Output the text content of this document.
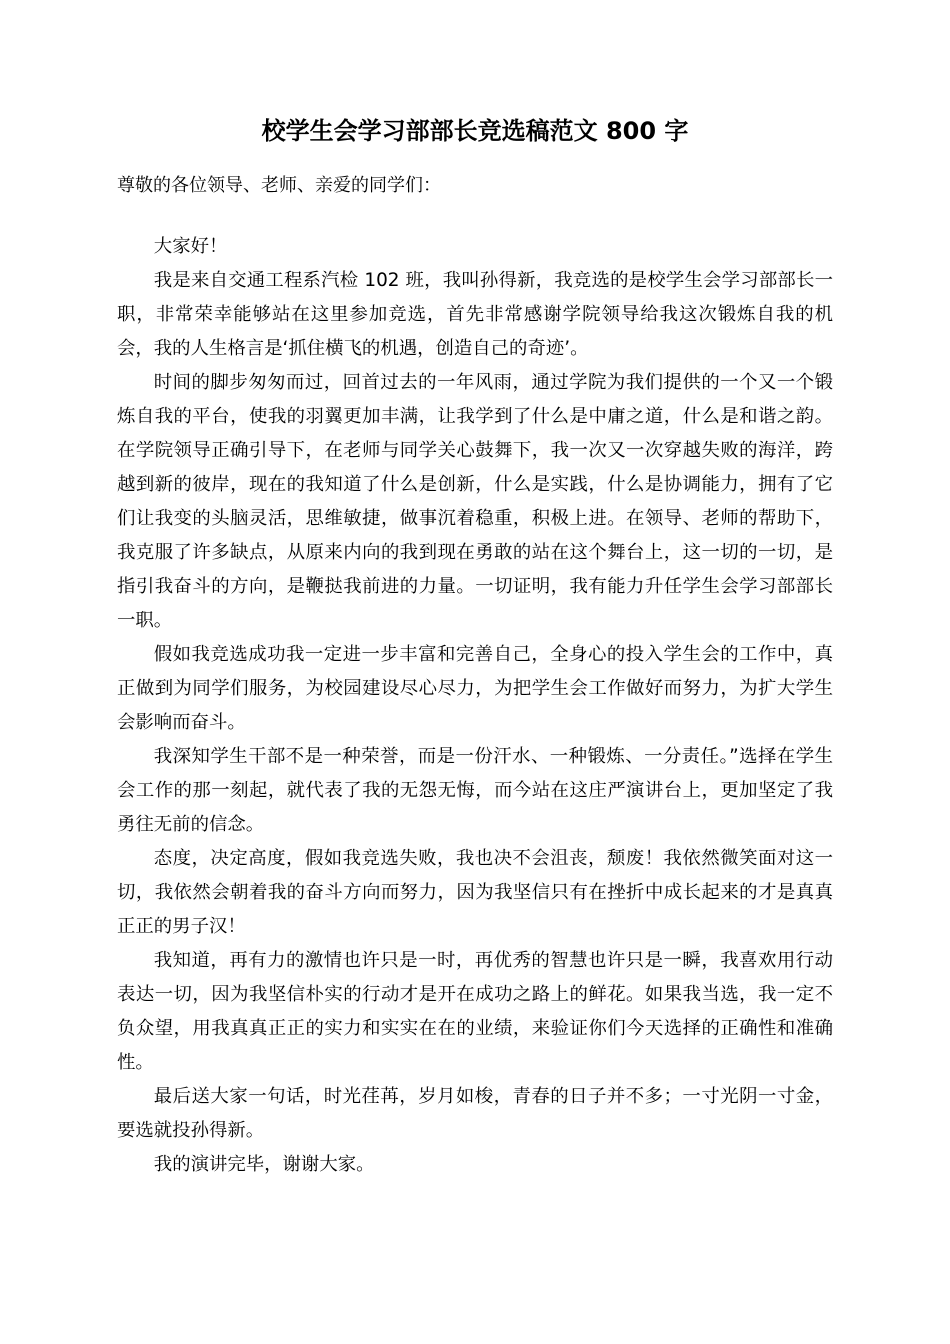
校学生会学习部部长竞选稿范文 800 字
尊敬的各位领导、老师、亲爱的同学们：

大家好！

我是来自交通工程系汽检 102 班，我叫孙得新，我竞选的是校学生会学习部部长一职，非常荣幸能够站在这里参加竞选，首先非常感谢学院领导给我这次锻炼自我的机会，我的人生格言是‘抓住横飞的机遇，创造自己的奇迹’。

时间的脚步匆匆而过，回首过去的一年风雨，通过学院为我们提供的一个又一个锻炼自我的平台，使我的羽翼更加丰满，让我学到了什么是中庸之道，什么是和谐之韵。在学院领导正确引导下，在老师与同学关心鼓舞下，我一次又一次穿越失败的海洋，跨越到新的彼岸，现在的我知道了什么是创新，什么是实践，什么是协调能力，拥有了它们让我变的头脑灵活，思维敏捷，做事沉着稳重，积极上进。在领导、老师的帮助下，我克服了许多缺点，从原来内向的我到现在勇敢的站在这个舞台上，这一切的一切，是指引我奋斗的方向，是鞭挞我前进的力量。一切证明，我有能力升任学生会学习部部长一职。

假如我竞选成功我一定进一步丰富和完善自己，全身心的投入学生会的工作中，真正做到为同学们服务，为校园建设尽心尽力，为把学生会工作做好而努力，为扩大学生会影响而奋斗。

我深知学生干部不是一种荣誉，而是一份汗水、一种锻炼、一分责任。”选择在学生会工作的那一刻起，就代表了我的无怨无悔，而今站在这庄严演讲台上，更加坚定了我勇往无前的信念。

态度，决定高度，假如我竞选失败，我也决不会沮丧，颓废！我依然微笑面对这一切，我依然会朝着我的奋斗方向而努力，因为我坚信只有在挫折中成长起来的才是真真正正的男子汉！

我知道，再有力的激情也许只是一时，再优秀的智慧也许只是一瞬，我喜欢用行动表达一切，因为我坚信朴实的行动才是开在成功之路上的鲜花。如果我当选，我一定不负众望，用我真真正正的实力和实实在在的业绩，来验证你们今天选择的正确性和准确性。

最后送大家一句话，时光荏苒，岁月如梭，青春的日子并不多；一寸光阴一寸金，要选就投孙得新。

我的演讲完毕，谢谢大家。
